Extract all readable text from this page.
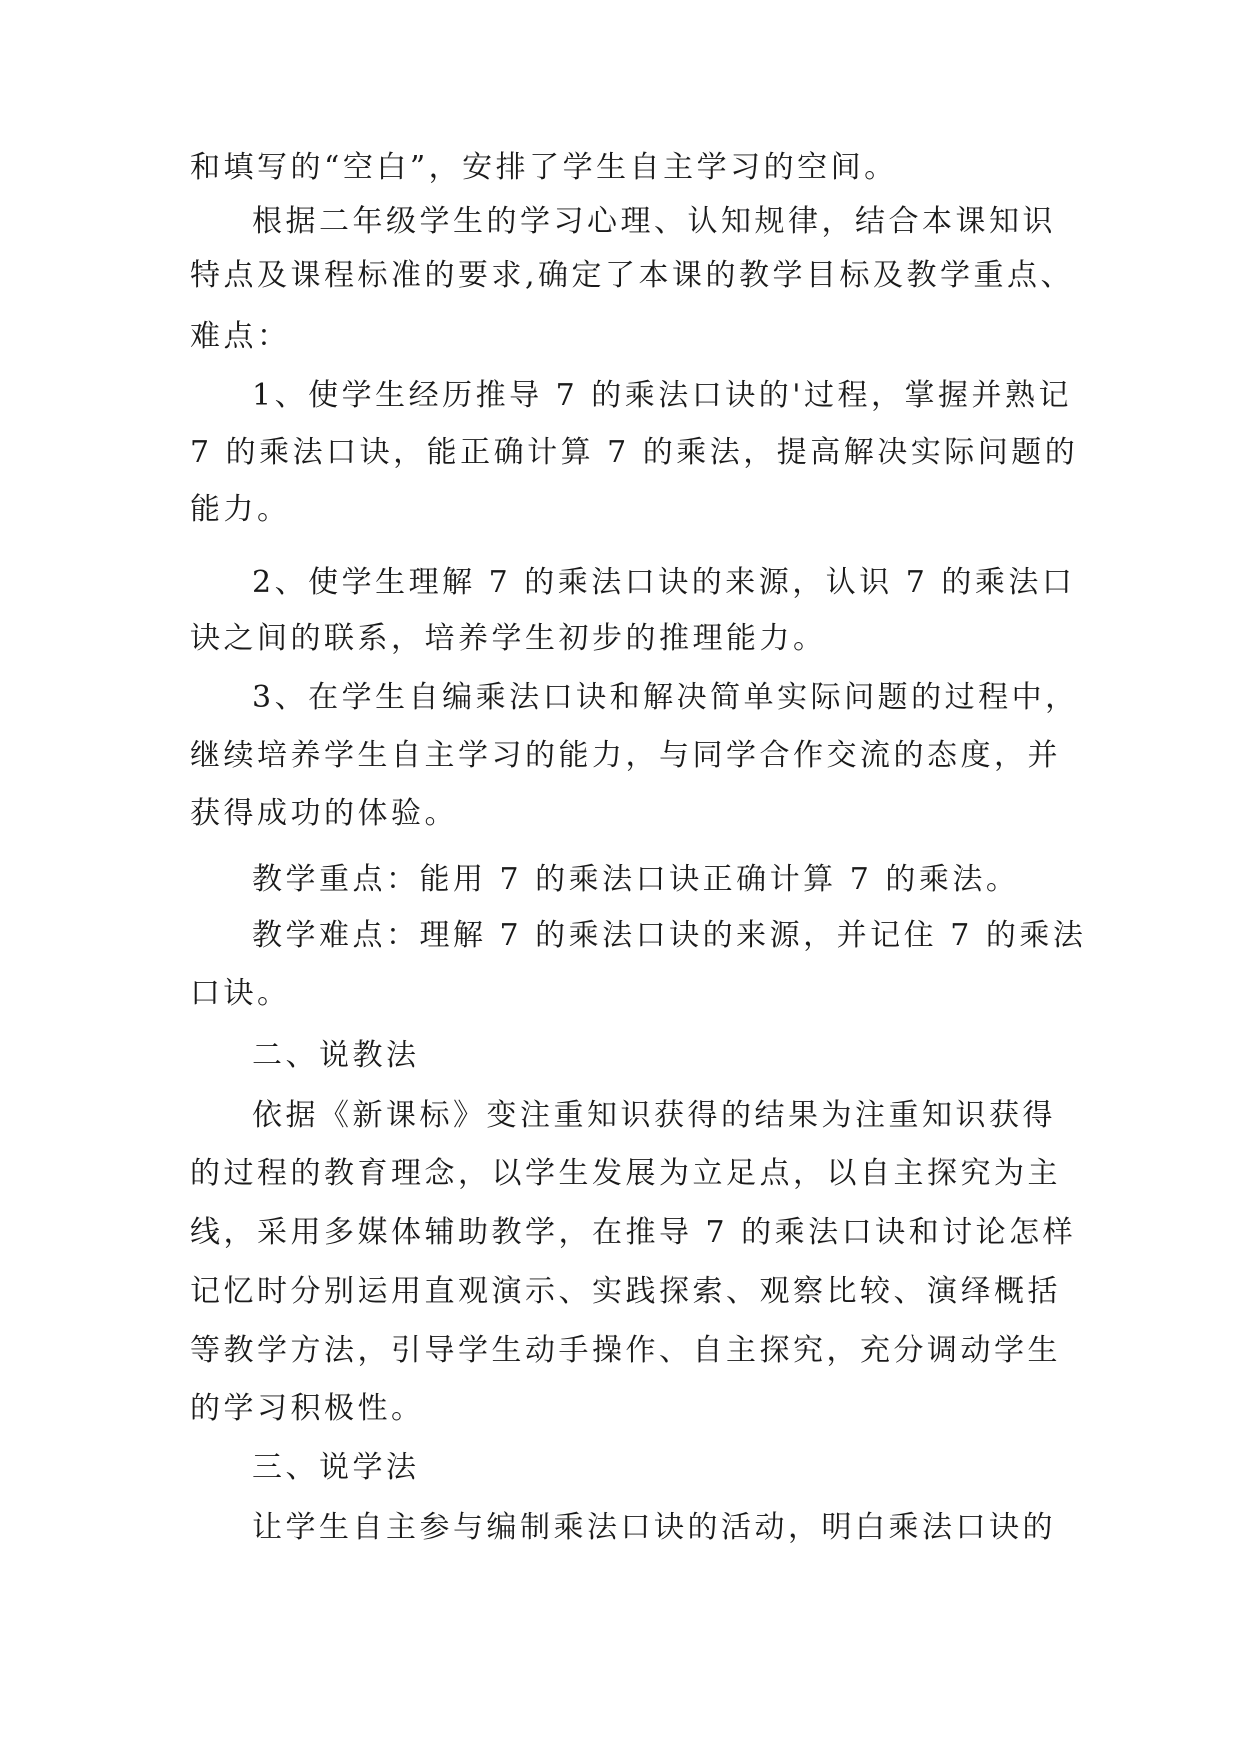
和填写的“空白”，安排了学生自主学习的空间。
根据二年级学生的学习心理、认知规律，结合本课知识
特点及课程标准的要求,确定了本课的教学目标及教学重点、
难点：
1、使学生经历推导 7 的乘法口诀的'过程，掌握并熟记
7 的乘法口诀，能正确计算 7 的乘法，提高解决实际问题的
能力。
2、使学生理解 7 的乘法口诀的来源，认识 7 的乘法口
诀之间的联系，培养学生初步的推理能力。
3、在学生自编乘法口诀和解决简单实际问题的过程中，
继续培养学生自主学习的能力，与同学合作交流的态度，并
获得成功的体验。
教学重点：能用 7 的乘法口诀正确计算 7 的乘法。
教学难点：理解 7 的乘法口诀的来源，并记住 7 的乘法
口诀。
二、说教法
依据《新课标》变注重知识获得的结果为注重知识获得
的过程的教育理念，以学生发展为立足点，以自主探究为主
线，采用多媒体辅助教学，在推导 7 的乘法口诀和讨论怎样
记忆时分别运用直观演示、实践探索、观察比较、演绎概括
等教学方法，引导学生动手操作、自主探究，充分调动学生
的学习积极性。
三、说学法
让学生自主参与编制乘法口诀的活动，明白乘法口诀的
